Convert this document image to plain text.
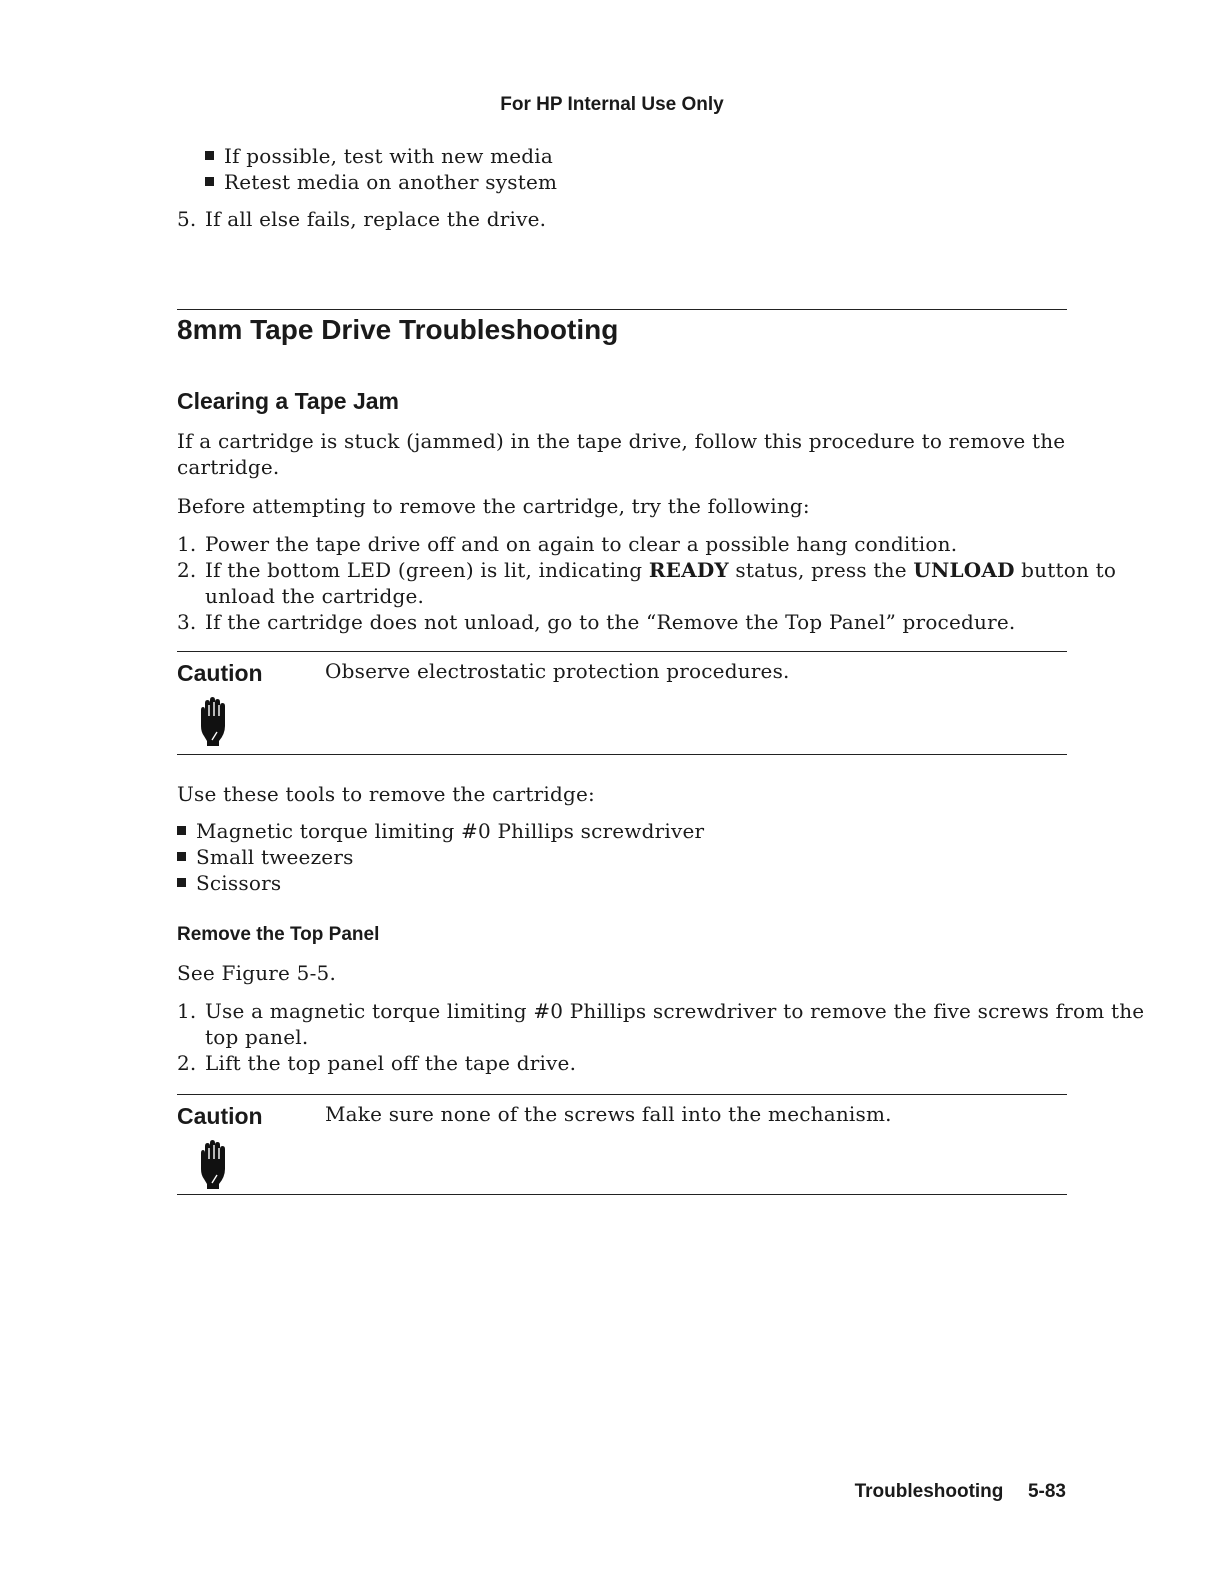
For HP Internal Use Only
If possible, test with new media
Retest media on another system
5. If all else fails, replace the drive.
8mm Tape Drive Troubleshooting
Clearing a Tape Jam
If a cartridge is stuck (jammed) in the tape drive, follow this procedure to remove the
cartridge.
Before attempting to remove the cartridge, try the following:
1. Power the tape drive off and on again to clear a possible hang condition.
2. If the bottom LED (green) is lit, indicating READY status, press the UNLOAD button to
unload the cartridge.
3. If the cartridge does not unload, go to the “Remove the Top Panel” procedure.
Caution	Observe electrostatic protection procedures.
Use these tools to remove the cartridge:
Magnetic torque limiting #0 Phillips screwdriver
Small tweezers
Scissors
Remove the Top Panel
See Figure 5-5.
1. Use a magnetic torque limiting #0 Phillips screwdriver to remove the five screws from the
top panel.
2. Lift the top panel off the tape drive.
Caution	Make sure none of the screws fall into the mechanism.
Troubleshooting 5-83
